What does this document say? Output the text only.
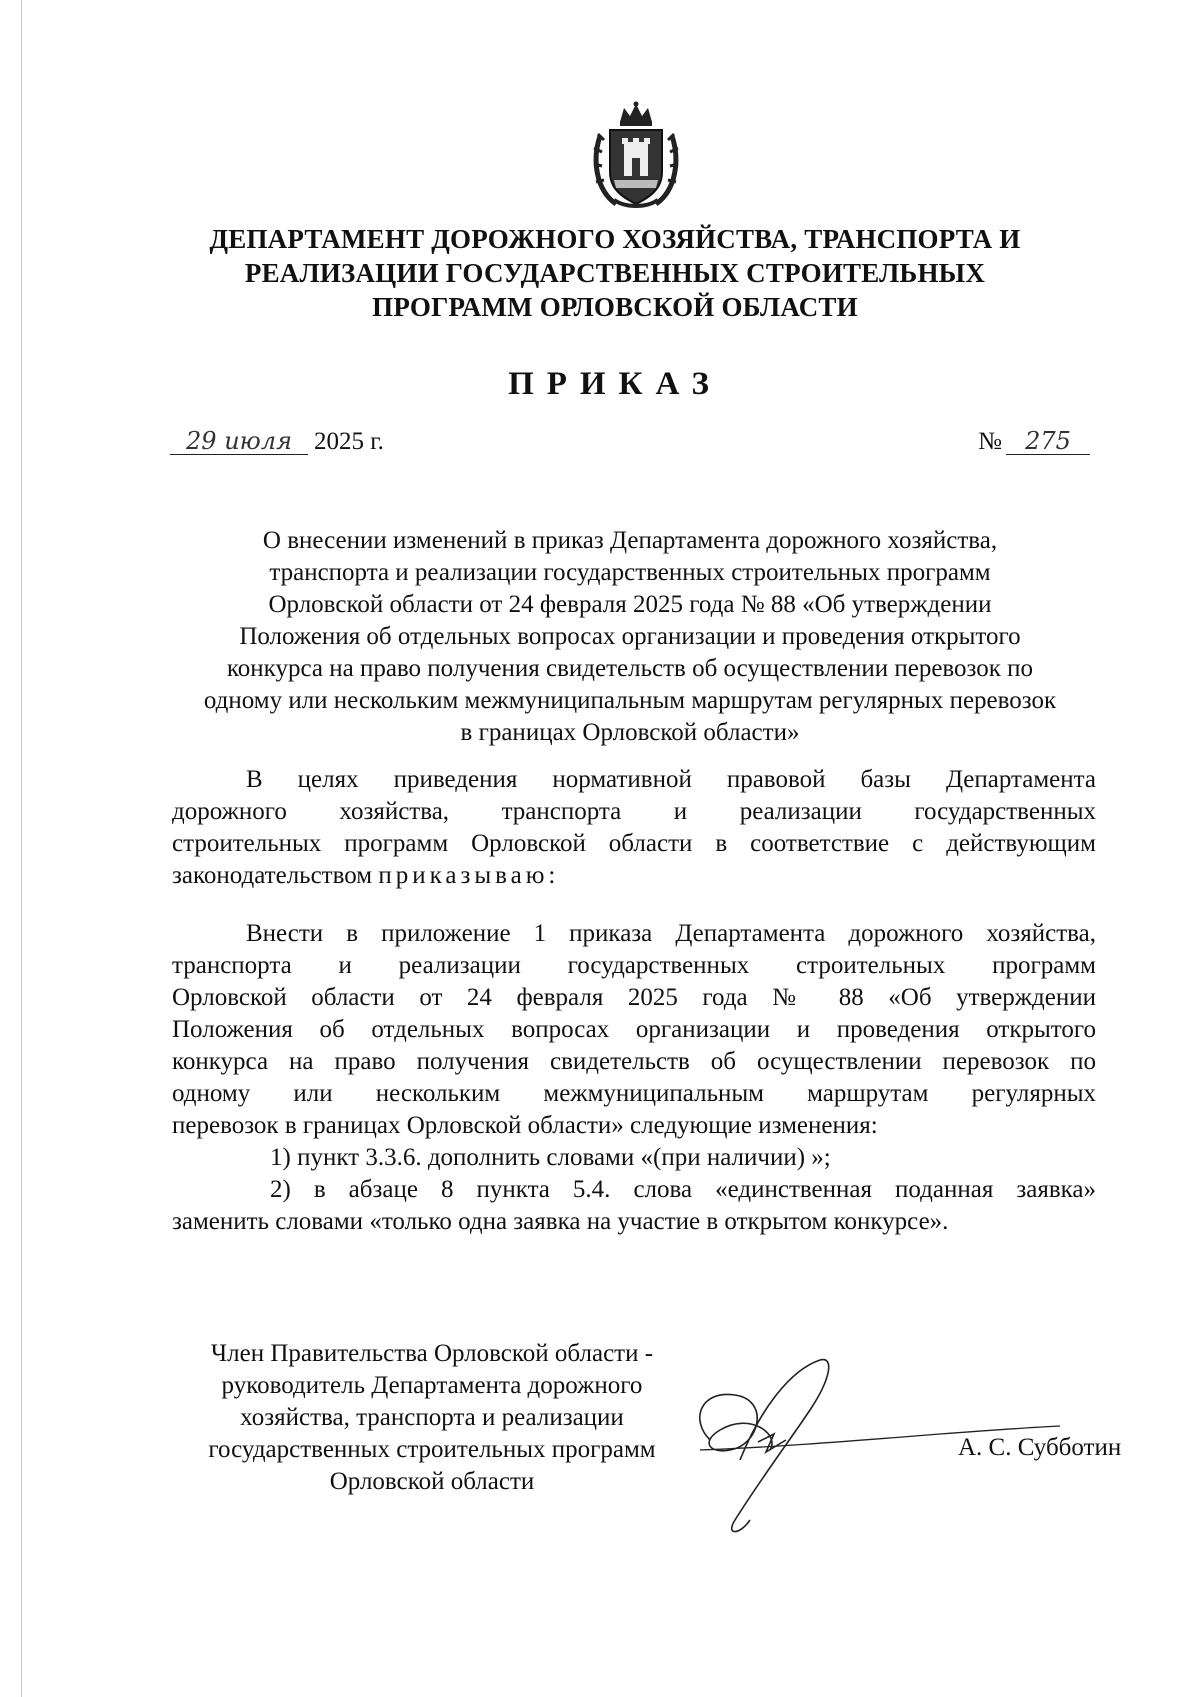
ДЕПАРТАМЕНТ ДОРОЖНОГО ХОЗЯЙСТВА, ТРАНСПОРТА И
РЕАЛИЗАЦИИ ГОСУДАРСТВЕННЫХ СТРОИТЕЛЬНЫХ
ПРОГРАММ ОРЛОВСКОЙ ОБЛАСТИ
ПРИКАЗ
29 июля 2025 г.	№ 275
О внесении изменений в приказ Департамента дорожного хозяйства,
транспорта и реализации государственных строительных программ
Орловской области от 24 февраля 2025 года № 88 «Об утверждении
Положения об отдельных вопросах организации и проведения открытого
конкурса на право получения свидетельств об осуществлении перевозок по
одному или нескольким межмуниципальным маршрутам регулярных перевозок
в границах Орловской области»
В целях приведения нормативной правовой базы Департамента
дорожного хозяйства, транспорта и реализации государственных
строительных программ Орловской области в соответствие с действующим
законодательством приказываю:
Внести в приложение 1 приказа Департамента дорожного хозяйства,
транспорта и реализации государственных строительных программ
Орловской области от 24 февраля 2025 года № 88 «Об утверждении
Положения об отдельных вопросах организации и проведения открытого
конкурса на право получения свидетельств об осуществлении перевозок по
одному или нескольким межмуниципальным маршрутам регулярных
перевозок в границах Орловской области» следующие изменения:
1) пункт 3.3.6. дополнить словами «(при наличии) »;
2) в абзаце 8 пункта 5.4. слова «единственная поданная заявка»
заменить словами «только одна заявка на участие в открытом конкурсе».
Член Правительства Орловской области -
руководитель Департамента дорожного
хозяйства, транспорта и реализации
государственных строительных программ
Орловской области
А. С. Субботин
